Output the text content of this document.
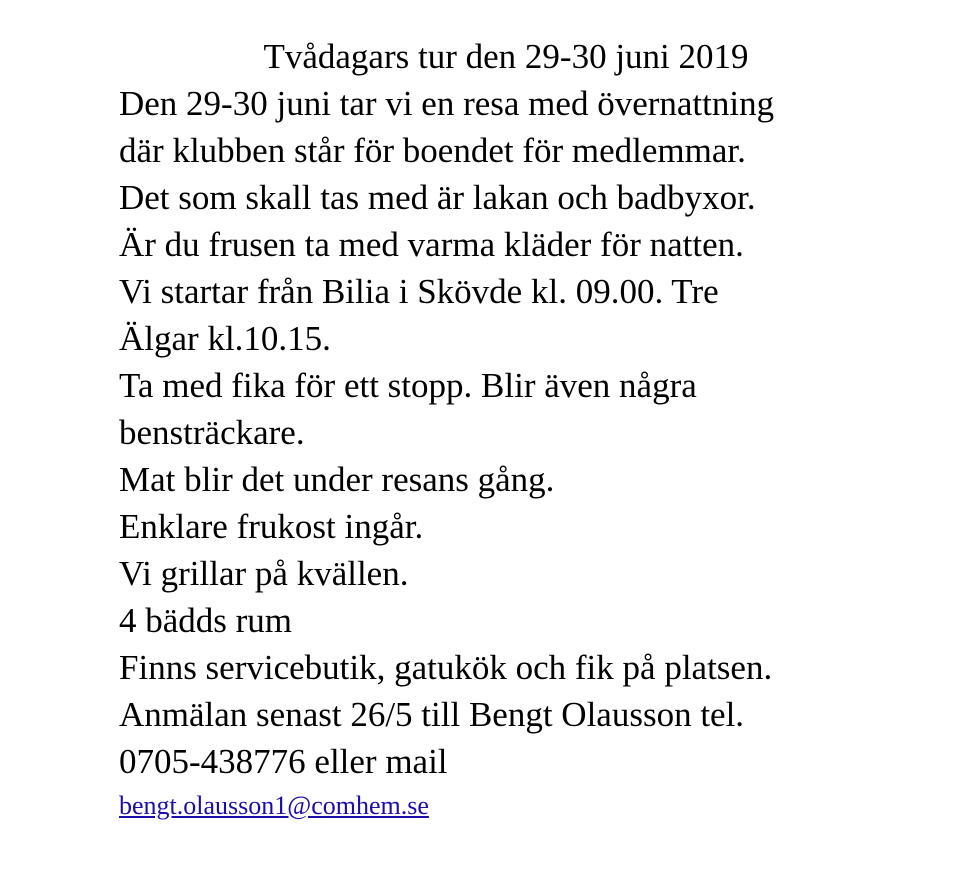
Tvådagars tur den 29-30 juni 2019

Den 29-30 juni tar vi en resa med övernattning

där klubben står för boendet för medlemmar.

Det som skall tas med är lakan och badbyxor.

Är du frusen ta med varma kläder för natten.

Vi startar från Bilia i Skövde kl. 09.00. Tre

Älgar kl.10.15.

Ta med fika för ett stopp. Blir även några

bensträckare.

Mat blir det under resans gång.

Enklare frukost ingår.

Vi grillar på kvällen.

4 bädds rum

Finns servicebutik, gatukök och fik på platsen.

Anmälan senast 26/5 till Bengt Olausson tel.

0705-438776 eller mail

bengt.olausson1@comhem.se
